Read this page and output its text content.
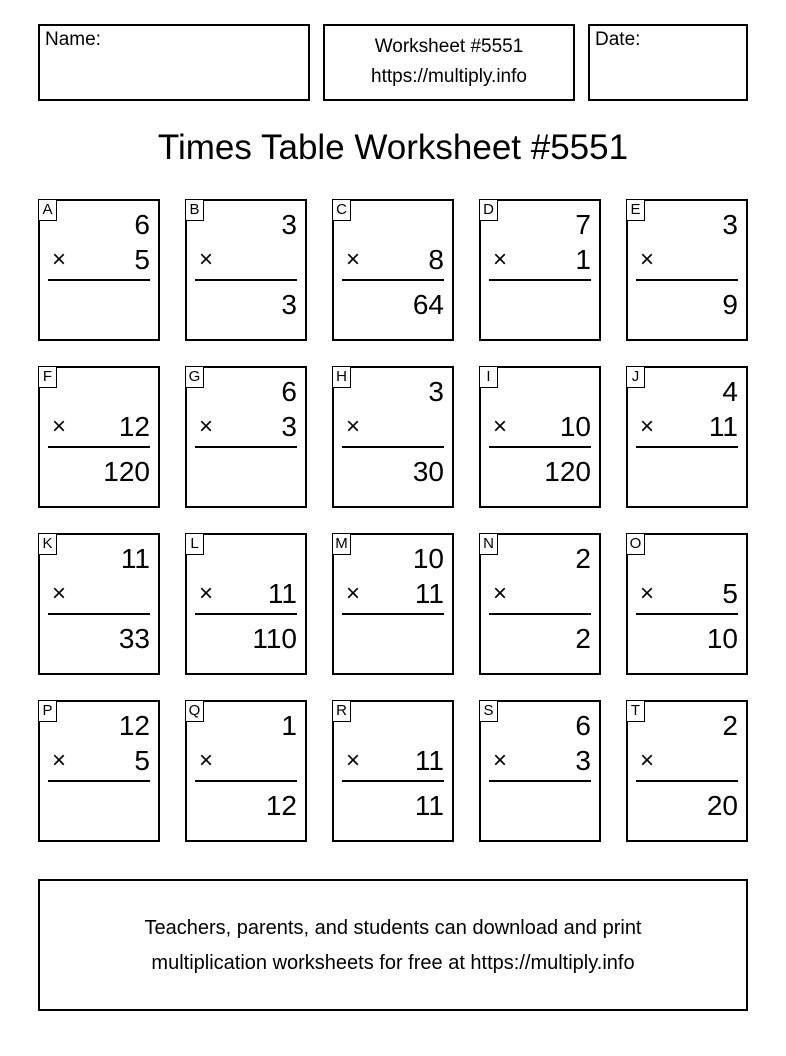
Name:	Worksheet #5551
https://multiply.info
Date:
Times Table Worksheet #5551
A	6
× 5
B	3
×
3
C
× 8
64
D	7
× 1
E	3
×
9
F
× 12
120
G	6
× 3
H	3
×
30
I
× 10
120
J	4
× 11
K 11
×
33
L
× 11
110
M 10
× 11
N	2
×
2
O
× 5
10
P 12
× 5
Q	1
×
12
R
× 11
11
S	6
× 3
T	2
×
20
Teachers, parents, and students can download and print
multiplication worksheets for free at https://multiply.info
